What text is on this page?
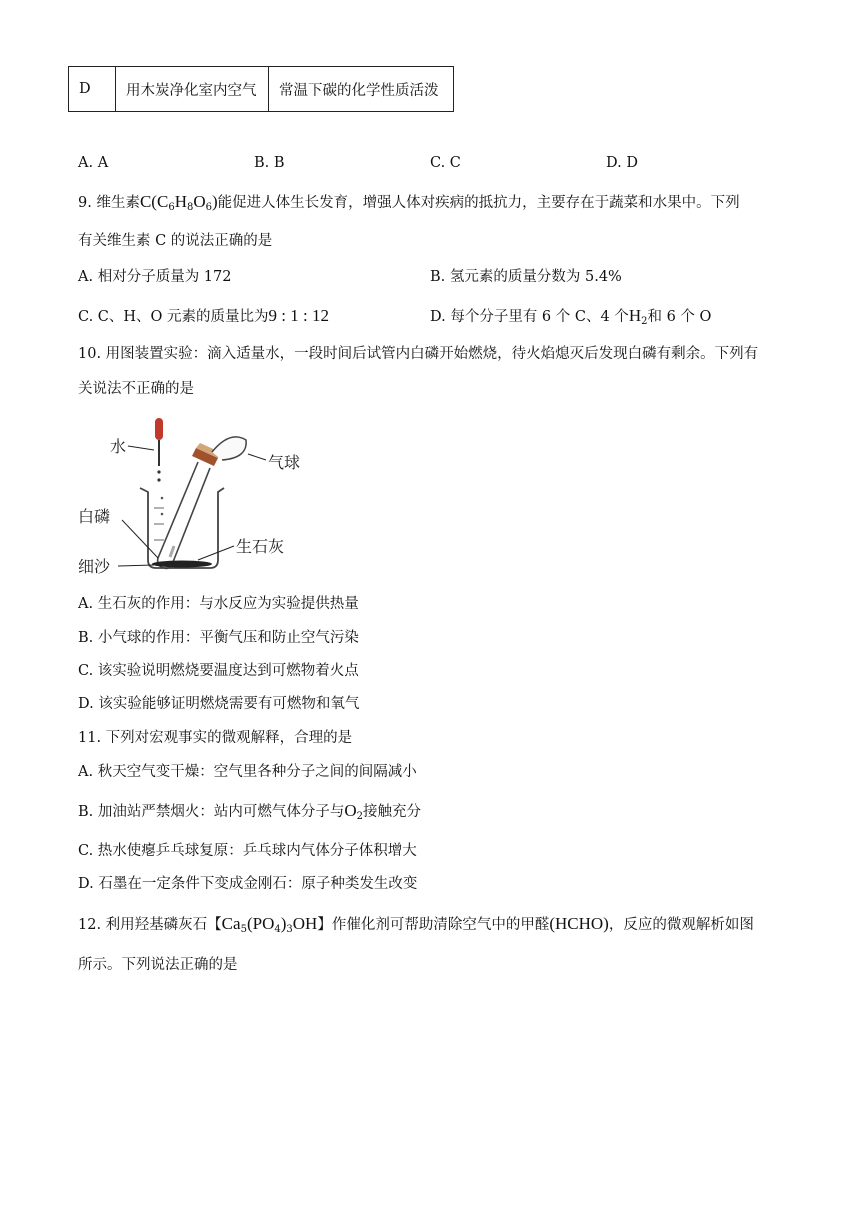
D	用木炭净化室内空气	常温下碳的化学性质活泼
A. A	B. B	C. C	D. D
9. 维生素$C(C_6H_8O_6)$能促进人体生长发育，增强人体对疾病的抵抗力，主要存在于蔬菜和水果中。下列
有关维生素 C 的说法正确的是
A. 相对分子质量为 172	B. 氢元素的质量分数为 5.4%
C. C、H、O 元素的质量比为9 : 1 : 12	D. 每个分子里有 6 个 C、4 个$H_2$和 6 个 O
10. 用图装置实验：滴入适量水，一段时间后试管内白磷开始燃烧，待火焰熄灭后发现白磷有剩余。下列有
关说法不正确的是
水
气球
白磷
生石灰
细沙
A. 生石灰的作用：与水反应为实验提供热量
B. 小气球的作用：平衡气压和防止空气污染
C. 该实验说明燃烧要温度达到可燃物着火点
D. 该实验能够证明燃烧需要有可燃物和氧气
11. 下列对宏观事实的微观解释，合理的是
A. 秋天空气变干燥：空气里各种分子之间的间隔减小
B. 加油站严禁烟火：站内可燃气体分子与$O_2$接触充分
C. 热水使瘪乒乓球复原：乒乓球内气体分子体积增大
D. 石墨在一定条件下变成金刚石：原子种类发生改变
12. 利用羟基磷灰石【$Ca_5(PO_4)_3OH$】作催化剂可帮助清除空气中的甲醛(HCHO)，反应的微观解析如图
所示。下列说法正确的是
